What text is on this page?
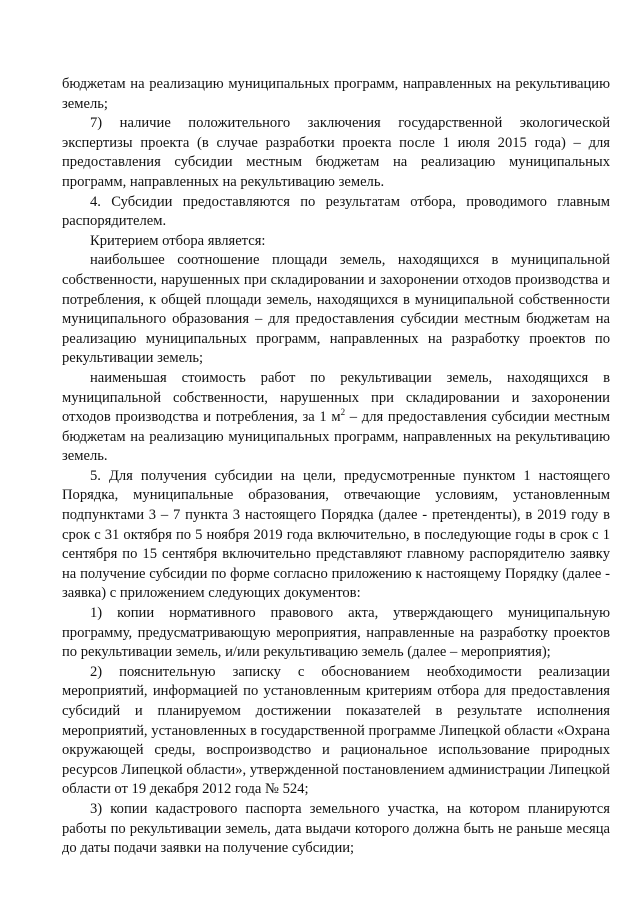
бюджетам на реализацию муниципальных программ, направленных на рекультивацию земель;

7) наличие положительного заключения государственной экологической экспертизы проекта (в случае разработки проекта после 1 июля 2015 года) – для предоставления субсидии местным бюджетам на реализацию муниципальных программ, направленных на рекультивацию земель.

4. Субсидии предоставляются по результатам отбора, проводимого главным распорядителем.

Критерием отбора является:

наибольшее соотношение площади земель, находящихся в муниципальной собственности, нарушенных при складировании и захоронении отходов производства и потребления, к общей площади земель, находящихся в муниципальной собственности муниципального образования – для предоставления субсидии местным бюджетам на реализацию муниципальных программ, направленных на разработку проектов по рекультивации земель;

наименьшая стоимость работ по рекультивации земель, находящихся в муниципальной собственности, нарушенных при складировании и захоронении отходов производства и потребления, за 1 $м^2$ – для предоставления субсидии местным бюджетам на реализацию муниципальных программ, направленных на рекультивацию земель.

5. Для получения субсидии на цели, предусмотренные пунктом 1 настоящего Порядка, муниципальные образования, отвечающие условиям, установленным подпунктами 3 – 7 пункта 3 настоящего Порядка (далее - претенденты), в 2019 году в срок с 31 октября по 5 ноября 2019 года включительно, в последующие годы в срок с 1 сентября по 15 сентября включительно представляют главному распорядителю заявку на получение субсидии по форме согласно приложению к настоящему Порядку (далее - заявка) с приложением следующих документов:

1) копии нормативного правового акта, утверждающего муниципальную программу, предусматривающую мероприятия, направленные на разработку проектов по рекультивации земель, и/или рекультивацию земель (далее – мероприятия);

2) пояснительную записку с обоснованием необходимости реализации мероприятий, информацией по установленным критериям отбора для предоставления субсидий и планируемом достижении показателей в результате исполнения мероприятий, установленных в государственной программе Липецкой области «Охрана окружающей среды, воспроизводство и рациональное использование природных ресурсов Липецкой области», утвержденной постановлением администрации Липецкой области от 19 декабря 2012 года № 524;

3) копии кадастрового паспорта земельного участка, на котором планируются работы по рекультивации земель, дата выдачи которого должна быть не раньше месяца до даты подачи заявки на получение субсидии;
